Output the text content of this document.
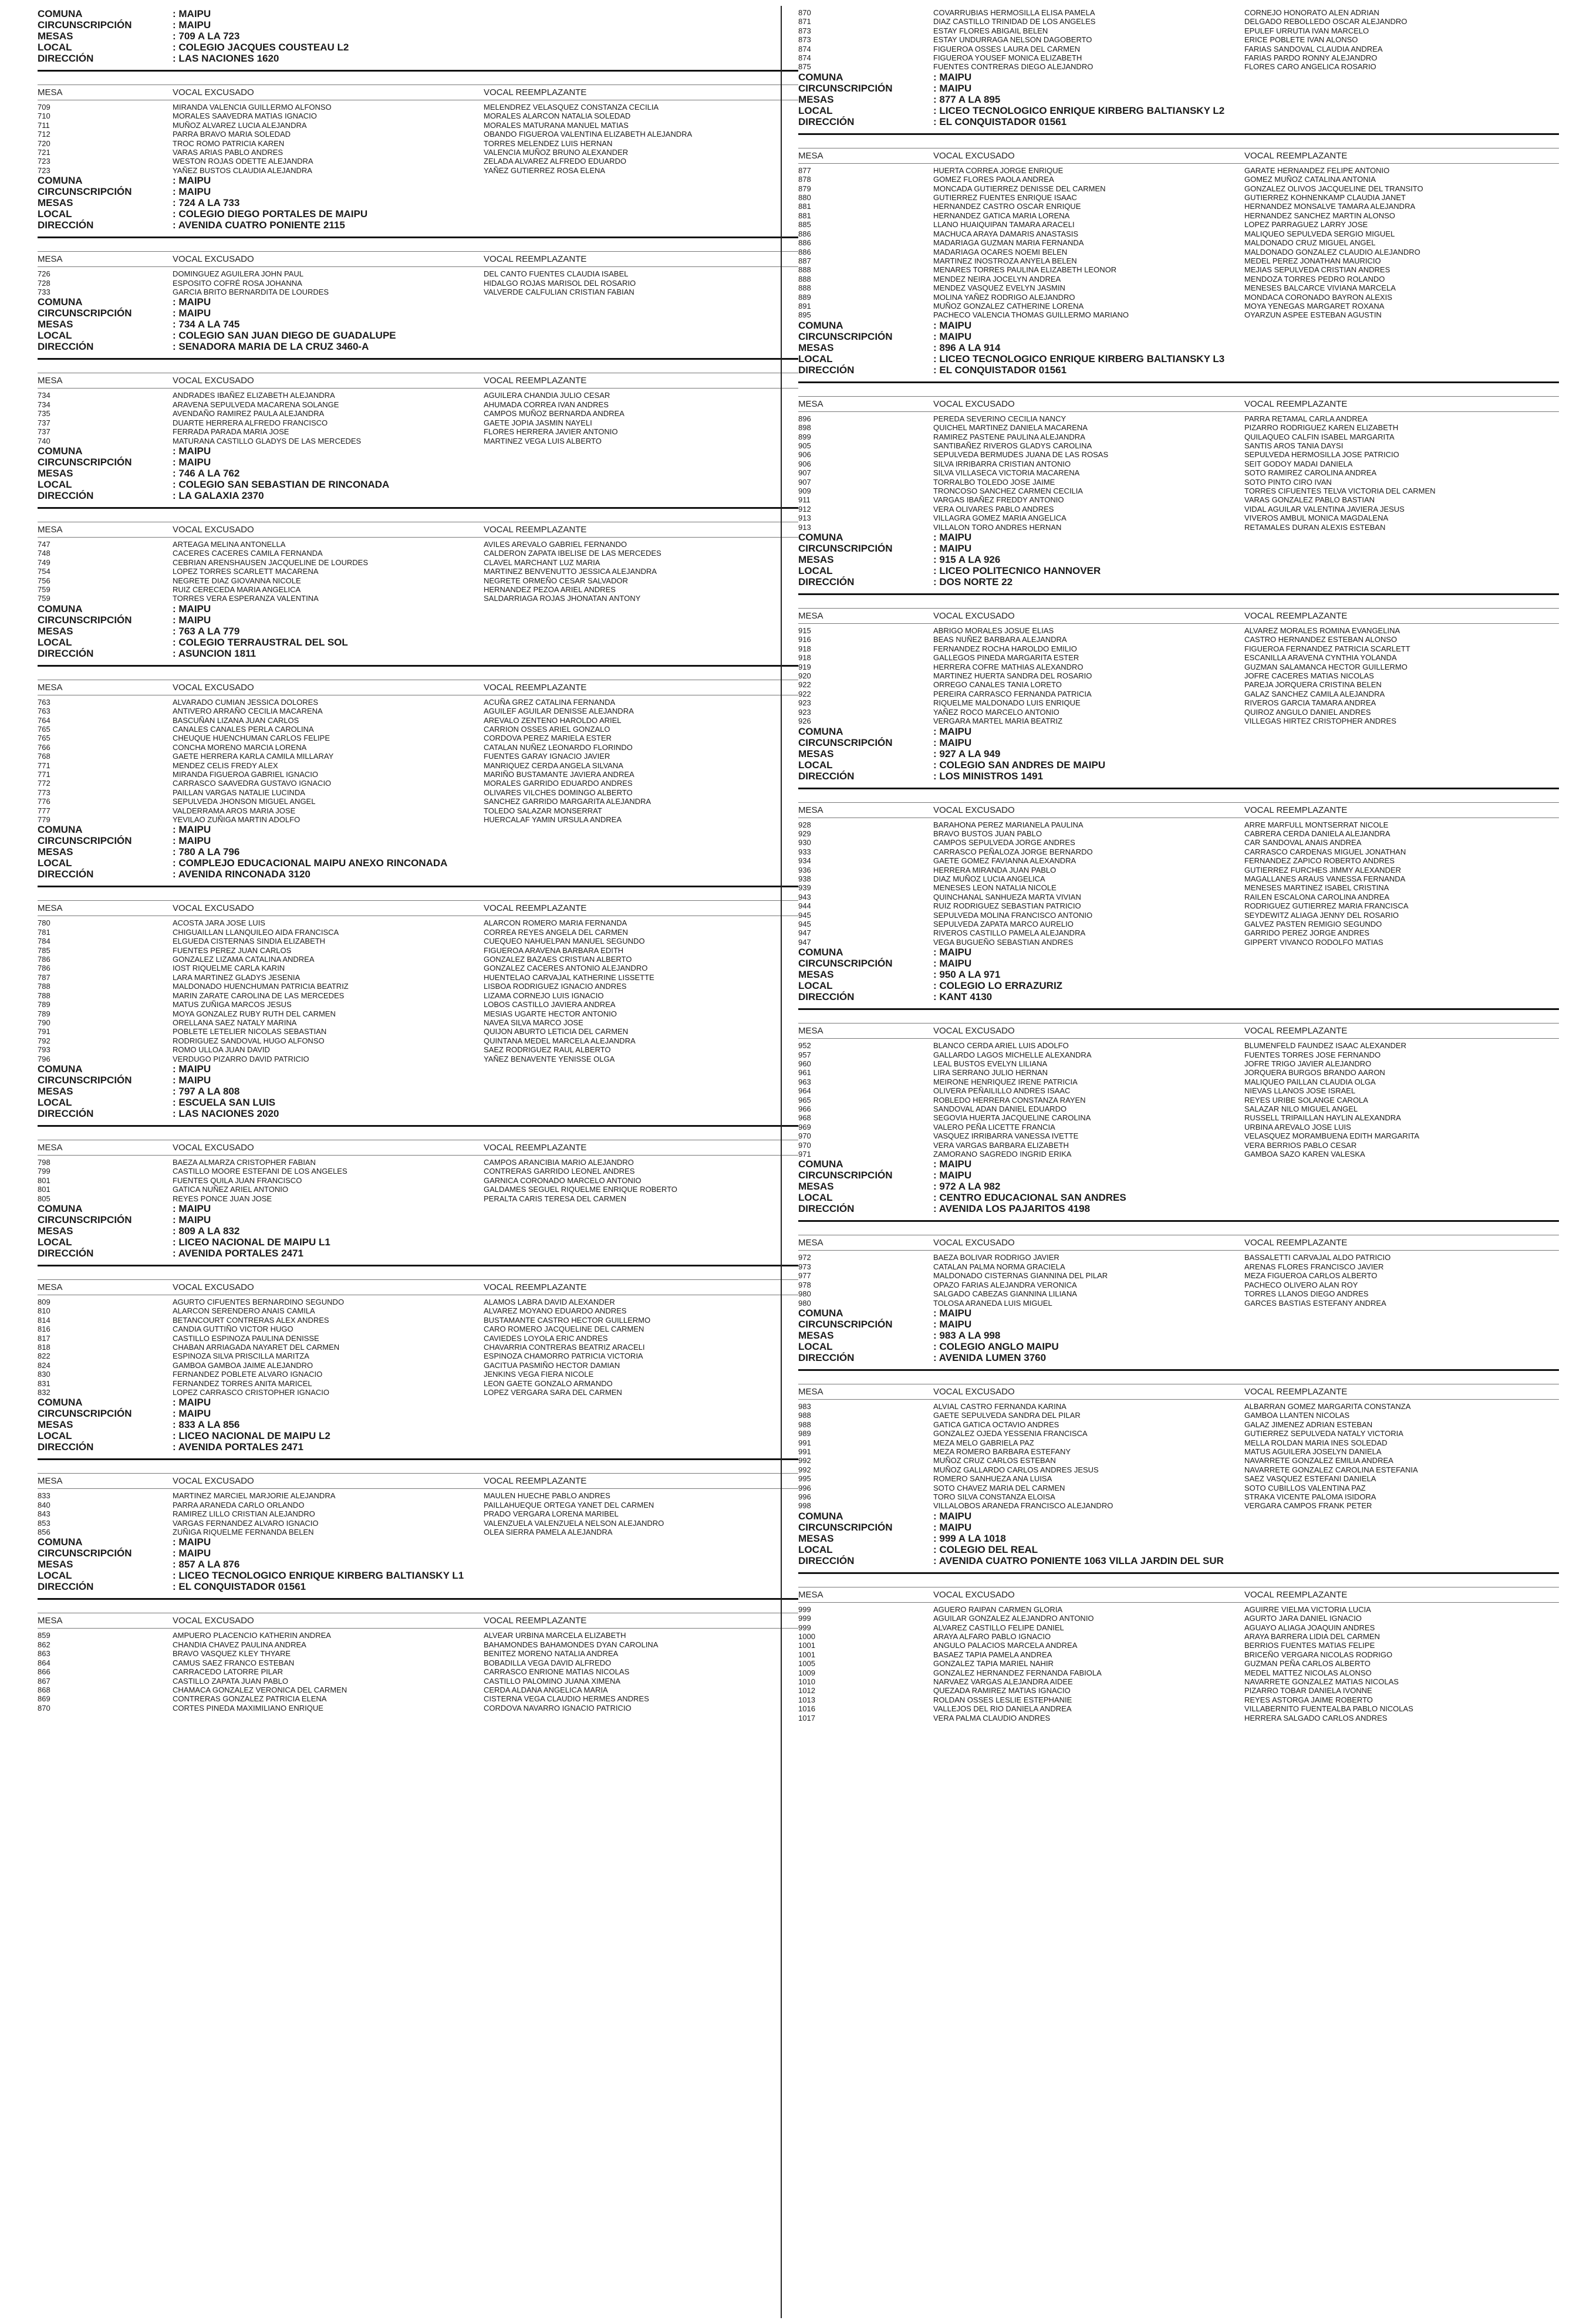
COMUNA	: MAIPU
CIRCUNSCRIPCIÓN	: MAIPU
MESAS	: 709 A LA 723
LOCAL	: COLEGIO JACQUES COUSTEAU L2
DIRECCIÓN	: LAS NACIONES 1620
MESA	VOCAL EXCUSADO	VOCAL REEMPLAZANTE
709	MIRANDA VALENCIA GUILLERMO ALFONSO	MELENDREZ VELASQUEZ CONSTANZA CECILIA
710	MORALES SAAVEDRA MATIAS IGNACIO	MORALES ALARCON NATALIA SOLEDAD
711	MUÑOZ ALVAREZ LUCIA ALEJANDRA	MORALES MATURANA MANUEL MATIAS
712	PARRA BRAVO MARIA SOLEDAD	OBANDO FIGUEROA VALENTINA ELIZABETH ALEJANDRA
720	TROC ROMO PATRICIA KAREN	TORRES MELENDEZ LUIS HERNAN
721	VARAS ARIAS PABLO ANDRES	VALENCIA MUÑOZ BRUNO ALEXANDER
723	WESTON ROJAS ODETTE ALEJANDRA	ZELADA ALVAREZ ALFREDO EDUARDO
723	YAÑEZ BUSTOS CLAUDIA ALEJANDRA	YAÑEZ GUTIERREZ ROSA ELENA
COMUNA	: MAIPU
CIRCUNSCRIPCIÓN	: MAIPU
MESAS	: 724 A LA 733
LOCAL	: COLEGIO DIEGO PORTALES DE MAIPU
DIRECCIÓN	: AVENIDA CUATRO PONIENTE 2115
MESA	VOCAL EXCUSADO	VOCAL REEMPLAZANTE
726	DOMINGUEZ AGUILERA JOHN PAUL	DEL CANTO FUENTES CLAUDIA ISABEL
728	ESPOSITO COFRÉ ROSA JOHANNA	HIDALGO ROJAS MARISOL DEL ROSARIO
733	GARCIA BRITO BERNARDITA DE LOURDES	VALVERDE CALFULIAN CRISTIAN FABIAN
COMUNA	: MAIPU
CIRCUNSCRIPCIÓN	: MAIPU
MESAS	: 734 A LA 745
LOCAL	: COLEGIO SAN JUAN DIEGO DE GUADALUPE
DIRECCIÓN	: SENADORA MARIA DE LA CRUZ 3460-A
MESA	VOCAL EXCUSADO	VOCAL REEMPLAZANTE
734	ANDRADES IBAÑEZ ELIZABETH ALEJANDRA	AGUILERA CHANDIA JULIO CESAR
734	ARAVENA SEPULVEDA MACARENA SOLANGE	AHUMADA CORREA IVAN ANDRES
735	AVENDAÑO RAMIREZ PAULA ALEJANDRA	CAMPOS MUÑOZ BERNARDA ANDREA
737	DUARTE HERRERA ALFREDO FRANCISCO	GAETE JOPIA JASMIN NAYELI
737	FERRADA PARADA MARIA JOSE	FLORES HERRERA JAVIER ANTONIO
740	MATURANA CASTILLO GLADYS DE LAS MERCEDES	MARTINEZ VEGA LUIS ALBERTO
COMUNA	: MAIPU
CIRCUNSCRIPCIÓN	: MAIPU
MESAS	: 746 A LA 762
LOCAL	: COLEGIO SAN SEBASTIAN DE RINCONADA
DIRECCIÓN	: LA GALAXIA 2370
MESA	VOCAL EXCUSADO	VOCAL REEMPLAZANTE
747	ARTEAGA MELINA ANTONELLA	AVILES AREVALO GABRIEL FERNANDO
748	CACERES CACERES CAMILA FERNANDA	CALDERON ZAPATA IBELISE DE LAS MERCEDES
749	CEBRIAN ARENSHAUSEN JACQUELINE DE LOURDES	CLAVEL MARCHANT LUZ MARIA
754	LOPEZ TORRES SCARLETT MACARENA	MARTINEZ BENVENUTTO JESSICA ALEJANDRA
756	NEGRETE DIAZ GIOVANNA NICOLE	NEGRETE ORMEÑO CESAR SALVADOR
759	RUIZ CERECEDA MARIA ANGELICA	HERNANDEZ PEZOA ARIEL ANDRES
759	TORRES VERA ESPERANZA VALENTINA	SALDARRIAGA ROJAS JHONATAN ANTONY
COMUNA	: MAIPU
CIRCUNSCRIPCIÓN	: MAIPU
MESAS	: 763 A LA 779
LOCAL	: COLEGIO TERRAUSTRAL DEL SOL
DIRECCIÓN	: ASUNCION 1811
MESA	VOCAL EXCUSADO	VOCAL REEMPLAZANTE
763	ALVARADO CUMIAN JESSICA DOLORES	ACUÑA GREZ CATALINA FERNANDA
763	ANTIVERO ARRAÑO CECILIA MACARENA	AGUILEF AGUILAR DENISSE ALEJANDRA
764	BASCUÑAN LIZANA JUAN CARLOS	AREVALO ZENTENO HAROLDO ARIEL
765	CANALES CANALES PERLA CAROLINA	CARRION OSSES ARIEL GONZALO
765	CHEUQUE HUENCHUMAN CARLOS FELIPE	CORDOVA PEREZ MARIELA ESTER
766	CONCHA MORENO MARCIA LORENA	CATALAN NUÑEZ LEONARDO FLORINDO
768	GAETE HERRERA KARLA CAMILA MILLARAY	FUENTES GARAY IGNACIO JAVIER
771	MENDEZ CELIS FREDY ALEX	MANRIQUEZ CERDA ANGELA SILVANA
771	MIRANDA FIGUEROA GABRIEL IGNACIO	MARIÑO BUSTAMANTE JAVIERA ANDREA
772	CARRASCO SAAVEDRA GUSTAVO IGNACIO	MORALES GARRIDO EDUARDO ANDRES
773	PAILLAN VARGAS NATALIE LUCINDA	OLIVARES VILCHES DOMINGO ALBERTO
776	SEPULVEDA JHONSON MIGUEL ANGEL	SANCHEZ GARRIDO MARGARITA ALEJANDRA
777	VALDERRAMA AROS MARIA JOSE	TOLEDO SALAZAR MONSERRAT
779	YEVILAO ZUÑIGA MARTIN ADOLFO	HUERCALAF YAMIN URSULA ANDREA
COMUNA	: MAIPU
CIRCUNSCRIPCIÓN	: MAIPU
MESAS	: 780 A LA 796
LOCAL	: COMPLEJO EDUCACIONAL MAIPU ANEXO RINCONADA
DIRECCIÓN	: AVENIDA RINCONADA 3120
MESA	VOCAL EXCUSADO	VOCAL REEMPLAZANTE
780	ACOSTA JARA JOSE LUIS	ALARCON ROMERO MARIA FERNANDA
781	CHIGUAILLAN LLANQUILEO AIDA FRANCISCA	CORREA REYES ANGELA DEL CARMEN
784	ELGUEDA CISTERNAS SINDIA ELIZABETH	CUEQUEO NAHUELPAN MANUEL SEGUNDO
785	FUENTES PEREZ JUAN CARLOS	FIGUEROA ARAVENA BARBARA EDITH
786	GONZALEZ LIZAMA CATALINA ANDREA	GONZALEZ BAZAES CRISTIAN ALBERTO
786	IOST RIQUELME CARLA KARIN	GONZALEZ CACERES ANTONIO ALEJANDRO
787	LARA MARTINEZ GLADYS JESENIA	HUENTELAO CARVAJAL KATHERINE LISSETTE
788	MALDONADO HUENCHUMAN PATRICIA BEATRIZ	LISBOA RODRIGUEZ IGNACIO ANDRES
788	MARIN ZARATE CAROLINA DE LAS MERCEDES	LIZAMA CORNEJO LUIS IGNACIO
789	MATUS ZUÑIGA MARCOS JESUS	LOBOS CASTILLO JAVIERA ANDREA
789	MOYA GONZALEZ RUBY RUTH DEL CARMEN	MESIAS UGARTE HECTOR ANTONIO
790	ORELLANA SAEZ NATALY MARINA	NAVEA SILVA MARCO JOSE
791	POBLETE LETELIER NICOLAS SEBASTIAN	QUIJON ABURTO LETICIA DEL CARMEN
792	RODRIGUEZ SANDOVAL HUGO ALFONSO	QUINTANA MEDEL MARCELA ALEJANDRA
793	ROMO ULLOA JUAN DAVID	SAEZ RODRIGUEZ RAUL ALBERTO
796	VERDUGO PIZARRO DAVID PATRICIO	YAÑEZ BENAVENTE YENISSE OLGA
COMUNA	: MAIPU
CIRCUNSCRIPCIÓN	: MAIPU
MESAS	: 797 A LA 808
LOCAL	: ESCUELA SAN LUIS
DIRECCIÓN	: LAS NACIONES 2020
MESA	VOCAL EXCUSADO	VOCAL REEMPLAZANTE
798	BAEZA ALMARZA CRISTOPHER FABIAN	CAMPOS ARANCIBIA MARIO ALEJANDRO
799	CASTILLO MOORE ESTEFANI DE LOS ANGELES	CONTRERAS GARRIDO LEONEL ANDRES
801	FUENTES QUILA JUAN FRANCISCO	GARNICA CORONADO MARCELO ANTONIO
801	GATICA NUÑEZ ARIEL ANTONIO	GALDAMES SEGUEL RIQUELME ENRIQUE ROBERTO
805	REYES PONCE JUAN JOSE	PERALTA CARIS TERESA DEL CARMEN
COMUNA	: MAIPU
CIRCUNSCRIPCIÓN	: MAIPU
MESAS	: 809 A LA 832
LOCAL	: LICEO NACIONAL DE MAIPU L1
DIRECCIÓN	: AVENIDA PORTALES 2471
MESA	VOCAL EXCUSADO	VOCAL REEMPLAZANTE
809	AGURTO CIFUENTES BERNARDINO SEGUNDO	ALAMOS LABRA DAVID ALEXANDER
810	ALARCON SERENDERO ANAIS CAMILA	ALVAREZ MOYANO EDUARDO ANDRES
814	BETANCOURT CONTRERAS ALEX ANDRES	BUSTAMANTE CASTRO HECTOR GUILLERMO
816	CANDIA GUTTIÑO VICTOR HUGO	CARO ROMERO JACQUELINE DEL CARMEN
817	CASTILLO ESPINOZA PAULINA DENISSE	CAVIEDES LOYOLA ERIC ANDRES
818	CHABAN ARRIAGADA NAYARET DEL CARMEN	CHAVARRIA CONTRERAS BEATRIZ ARACELI
822	ESPINOZA SILVA PRISCILLA MARITZA	ESPINOZA CHAMORRO PATRICIA VICTORIA
824	GAMBOA GAMBOA JAIME ALEJANDRO	GACITUA PASMIÑO HECTOR DAMIAN
830	FERNANDEZ POBLETE ALVARO IGNACIO	JENKINS VEGA FIERA NICOLE
831	FERNANDEZ TORRES ANITA MARICEL	LEON GAETE GONZALO ARMANDO
832	LOPEZ CARRASCO CRISTOPHER IGNACIO	LOPEZ VERGARA SARA DEL CARMEN
COMUNA	: MAIPU
CIRCUNSCRIPCIÓN	: MAIPU
MESAS	: 833 A LA 856
LOCAL	: LICEO NACIONAL DE MAIPU L2
DIRECCIÓN	: AVENIDA PORTALES 2471
MESA	VOCAL EXCUSADO	VOCAL REEMPLAZANTE
833	MARTINEZ MARCIEL MARJORIE ALEJANDRA	MAULEN HUECHE PABLO ANDRES
840	PARRA ARANEDA CARLO ORLANDO	PAILLAHUEQUE ORTEGA YANET DEL CARMEN
843	RAMIREZ LILLO CRISTIAN ALEJANDRO	PRADO VERGARA LORENA MARIBEL
853	VARGAS FERNANDEZ ALVARO IGNACIO	VALENZUELA VALENZUELA NELSON ALEJANDRO
856	ZUÑIGA RIQUELME FERNANDA BELEN	OLEA SIERRA PAMELA ALEJANDRA
COMUNA	: MAIPU
CIRCUNSCRIPCIÓN	: MAIPU
MESAS	: 857 A LA 876
LOCAL	: LICEO TECNOLOGICO ENRIQUE KIRBERG BALTIANSKY L1
DIRECCIÓN	: EL CONQUISTADOR 01561
MESA	VOCAL EXCUSADO	VOCAL REEMPLAZANTE
859	AMPUERO PLACENCIO KATHERIN ANDREA	ALVEAR URBINA MARCELA ELIZABETH
862	CHANDIA CHAVEZ PAULINA ANDREA	BAHAMONDES BAHAMONDES DYAN CAROLINA
863	BRAVO VASQUEZ KLEY THYARE	BENITEZ MORENO NATALIA ANDREA
864	CAMUS SAEZ FRANCO ESTEBAN	BOBADILLA VEGA DAVID ALFREDO
866	CARRACEDO LATORRE PILAR	CARRASCO ENRIONE MATIAS NICOLAS
867	CASTILLO ZAPATA JUAN PABLO	CASTILLO PALOMINO JUANA XIMENA
868	CHAMACA GONZALEZ VERONICA DEL CARMEN	CERDA ALDANA ANGELICA MARIA
869	CONTRERAS GONZALEZ PATRICIA ELENA	CISTERNA VEGA CLAUDIO HERMES ANDRES
870	CORTES PINEDA MAXIMILIANO ENRIQUE	CORDOVA NAVARRO IGNACIO PATRICIO
870	COVARRUBIAS HERMOSILLA ELISA PAMELA	CORNEJO HONORATO ALEN ADRIAN
871	DIAZ CASTILLO TRINIDAD DE LOS ANGELES	DELGADO REBOLLEDO OSCAR ALEJANDRO
873	ESTAY FLORES ABIGAIL BELEN	EPULEF URRUTIA IVAN MARCELO
873	ESTAY UNDURRAGA NELSON DAGOBERTO	ERICE POBLETE IVAN ALONSO
874	FIGUEROA OSSES LAURA DEL CARMEN	FARIAS SANDOVAL CLAUDIA ANDREA
874	FIGUEROA YOUSEF MONICA ELIZABETH	FARIAS PARDO RONNY ALEJANDRO
875	FUENTES CONTRERAS DIEGO ALEJANDRO	FLORES CARO ANGELICA ROSARIO
COMUNA	: MAIPU
CIRCUNSCRIPCIÓN	: MAIPU
MESAS	: 877 A LA 895
LOCAL	: LICEO TECNOLOGICO ENRIQUE KIRBERG BALTIANSKY L2
DIRECCIÓN	: EL CONQUISTADOR 01561
MESA	VOCAL EXCUSADO	VOCAL REEMPLAZANTE
877	HUERTA CORREA JORGE ENRIQUE	GARATE HERNANDEZ FELIPE ANTONIO
878	GOMEZ FLORES PAOLA ANDREA	GOMEZ MUÑOZ CATALINA ANTONIA
879	MONCADA GUTIERREZ DENISSE DEL CARMEN	GONZALEZ OLIVOS JACQUELINE DEL TRANSITO
880	GUTIERREZ FUENTES ENRIQUE ISAAC	GUTIERREZ KOHNENKAMP CLAUDIA JANET
881	HERNANDEZ CASTRO OSCAR ENRIQUE	HERNANDEZ MONSALVE TAMARA ALEJANDRA
881	HERNANDEZ GATICA MARIA LORENA	HERNANDEZ SANCHEZ MARTIN ALONSO
885	LLANO HUAIQUIPAN TAMARA ARACELI	LOPEZ PARRAGUEZ LARRY JOSE
886	MACHUCA ARAYA DAMARIS ANASTASIS	MALIQUEO SEPULVEDA SERGIO MIGUEL
886	MADARIAGA GUZMAN MARIA FERNANDA	MALDONADO CRUZ MIGUEL ANGEL
886	MADARIAGA OCARES NOEMI BELEN	MALDONADO GONZALEZ CLAUDIO ALEJANDRO
887	MARTINEZ INOSTROZA ANYELA BELEN	MEDEL PEREZ JONATHAN MAURICIO
888	MENARES TORRES PAULINA ELIZABETH LEONOR	MEJIAS SEPULVEDA CRISTIAN ANDRES
888	MENDEZ NEIRA JOCELYN ANDREA	MENDOZA TORRES PEDRO ROLANDO
888	MENDEZ VASQUEZ EVELYN JASMIN	MENESES BALCARCE VIVIANA MARCELA
889	MOLINA YAÑEZ RODRIGO ALEJANDRO	MONDACA CORONADO BAYRON ALEXIS
891	MUÑOZ GONZALEZ CATHERINE LORENA	MOYA YENEGAS MARGARET ROXANA
895	PACHECO VALENCIA THOMAS GUILLERMO MARIANO	OYARZUN ASPEE ESTEBAN AGUSTIN
COMUNA	: MAIPU
CIRCUNSCRIPCIÓN	: MAIPU
MESAS	: 896 A LA 914
LOCAL	: LICEO TECNOLOGICO ENRIQUE KIRBERG BALTIANSKY L3
DIRECCIÓN	: EL CONQUISTADOR 01561
MESA	VOCAL EXCUSADO	VOCAL REEMPLAZANTE
896	PEREDA SEVERINO CECILIA NANCY	PARRA RETAMAL CARLA ANDREA
898	QUICHEL MARTINEZ DANIELA MACARENA	PIZARRO RODRIGUEZ KAREN ELIZABETH
899	RAMIREZ PASTENE PAULINA ALEJANDRA	QUILAQUEO CALFIN ISABEL MARGARITA
905	SANTIBAÑEZ RIVEROS GLADYS CAROLINA	SANTIS AROS TANIA DAYSI
906	SEPULVEDA BERMUDES JUANA DE LAS ROSAS	SEPULVEDA HERMOSILLA JOSE PATRICIO
906	SILVA IRRIBARRA CRISTIAN ANTONIO	SEIT GODOY MADAI DANIELA
907	SILVA VILLASECA VICTORIA MACARENA	SOTO RAMIREZ CAROLINA ANDREA
907	TORRALBO TOLEDO JOSE JAIME	SOTO PINTO CIRO IVAN
909	TRONCOSO SANCHEZ CARMEN CECILIA	TORRES CIFUENTES TELVA VICTORIA DEL CARMEN
911	VARGAS IBAÑEZ FREDDY ANTONIO	VARAS GONZALEZ PABLO BASTIAN
912	VERA OLIVARES PABLO ANDRES	VIDAL AGUILAR VALENTINA JAVIERA JESUS
913	VILLAGRA GOMEZ MARIA ANGELICA	VIVEROS AMBUL MONICA MAGDALENA
913	VILLALON TORO ANDRES HERNAN	RETAMALES DURAN ALEXIS ESTEBAN
COMUNA	: MAIPU
CIRCUNSCRIPCIÓN	: MAIPU
MESAS	: 915 A LA 926
LOCAL	: LICEO POLITECNICO HANNOVER
DIRECCIÓN	: DOS NORTE 22
MESA	VOCAL EXCUSADO	VOCAL REEMPLAZANTE
915	ABRIGO MORALES JOSUE ELIAS	ALVAREZ MORALES ROMINA EVANGELINA
916	BEAS NUÑEZ BARBARA ALEJANDRA	CASTRO HERNANDEZ ESTEBAN ALONSO
918	FERNANDEZ ROCHA HAROLDO EMILIO	FIGUEROA FERNANDEZ PATRICIA SCARLETT
918	GALLEGOS PINEDA MARGARITA ESTER	ESCANILLA ARAVENA CYNTHIA YOLANDA
919	HERRERA COFRE MATHIAS ALEXANDRO	GUZMAN SALAMANCA HECTOR GUILLERMO
920	MARTINEZ HUERTA SANDRA DEL ROSARIO	JOFRE CACERES MATIAS NICOLAS
922	ORREGO CANALES TANIA LORETO	PAREJA JORQUERA CRISTINA BELEN
922	PEREIRA CARRASCO FERNANDA PATRICIA	GALAZ SANCHEZ CAMILA ALEJANDRA
923	RIQUELME MALDONADO LUIS ENRIQUE	RIVEROS GARCIA TAMARA ANDREA
923	YAÑEZ ROCO MARCELO ANTONIO	QUIROZ ANGULO DANIEL ANDRES
926	VERGARA MARTEL MARIA BEATRIZ	VILLEGAS HIRTEZ CRISTOPHER ANDRES
COMUNA	: MAIPU
CIRCUNSCRIPCIÓN	: MAIPU
MESAS	: 927 A LA 949
LOCAL	: COLEGIO SAN ANDRES DE MAIPU
DIRECCIÓN	: LOS MINISTROS 1491
MESA	VOCAL EXCUSADO	VOCAL REEMPLAZANTE
928	BARAHONA PEREZ MARIANELA PAULINA	ARRE MARFULL MONTSERRAT NICOLE
929	BRAVO BUSTOS JUAN PABLO	CABRERA CERDA DANIELA ALEJANDRA
930	CAMPOS SEPULVEDA JORGE ANDRES	CAR SANDOVAL ANAIS ANDREA
933	CARRASCO PEÑALOZA JORGE BERNARDO	CARRASCO CARDENAS MIGUEL JONATHAN
934	GAETE GOMEZ FAVIANNA ALEXANDRA	FERNANDEZ ZAPICO ROBERTO ANDRES
936	HERRERA MIRANDA JUAN PABLO	GUTIERREZ FURCHES JIMMY ALEXANDER
938	DIAZ MUÑOZ LUCIA ANGELICA	MAGALLANES ARAUS VANESSA FERNANDA
939	MENESES LEON NATALIA NICOLE	MENESES MARTINEZ ISABEL CRISTINA
943	QUINCHANAL SANHUEZA MARTA VIVIAN	RAILEN ESCALONA CAROLINA ANDREA
944	RUIZ RODRIGUEZ SEBASTIAN PATRICIO	RODRIGUEZ GUTIERREZ MARIA FRANCISCA
945	SEPULVEDA MOLINA FRANCISCO ANTONIO	SEYDEWITZ ALIAGA JENNY DEL ROSARIO
945	SEPULVEDA ZAPATA MARCO AURELIO	GALVEZ PASTEN REMIGIO SEGUNDO
947	RIVEROS CASTILLO PAMELA ALEJANDRA	GARRIDO PEREZ JORGE ANDRES
947	VEGA BUGUEÑO SEBASTIAN ANDRES	GIPPERT VIVANCO RODOLFO MATIAS
COMUNA	: MAIPU
CIRCUNSCRIPCIÓN	: MAIPU
MESAS	: 950 A LA 971
LOCAL	: COLEGIO LO ERRAZURIZ
DIRECCIÓN	: KANT 4130
MESA	VOCAL EXCUSADO	VOCAL REEMPLAZANTE
952	BLANCO CERDA ARIEL LUIS ADOLFO	BLUMENFELD FAUNDEZ ISAAC ALEXANDER
957	GALLARDO LAGOS MICHELLE ALEXANDRA	FUENTES TORRES JOSE FERNANDO
960	LEAL BUSTOS EVELYN LILIANA	JOFRE TRIGO JAVIER ALEJANDRO
961	LIRA SERRANO JULIO HERNAN	JORQUERA BURGOS BRANDO AARON
963	MEIRONE HENRIQUEZ IRENE PATRICIA	MALIQUEO PAILLAN CLAUDIA OLGA
964	OLIVERA PEÑAILILLO ANDRES ISAAC	NIEVAS LLANOS JOSE ISRAEL
965	ROBLEDO HERRERA CONSTANZA RAYEN	REYES URIBE SOLANGE CAROLA
966	SANDOVAL ADAN DANIEL EDUARDO	SALAZAR NILO MIGUEL ANGEL
968	SEGOVIA HUERTA JACQUELINE CAROLINA	RUSSELL TRIPAILLAN HAYLIN ALEXANDRA
969	VALERO PEÑA LICETTE FRANCIA	URBINA AREVALO JOSE LUIS
970	VASQUEZ IRRIBARRA VANESSA IVETTE	VELASQUEZ MORAMBUENA EDITH MARGARITA
970	VERA VARGAS BARBARA ELIZABETH	VERA BERRIOS PABLO CESAR
971	ZAMORANO SAGREDO INGRID ERIKA	GAMBOA SAZO KAREN VALESKA
COMUNA	: MAIPU
CIRCUNSCRIPCIÓN	: MAIPU
MESAS	: 972 A LA 982
LOCAL	: CENTRO EDUCACIONAL SAN ANDRES
DIRECCIÓN	: AVENIDA LOS PAJARITOS 4198
MESA	VOCAL EXCUSADO	VOCAL REEMPLAZANTE
972	BAEZA BOLIVAR RODRIGO JAVIER	BASSALETTI CARVAJAL ALDO PATRICIO
973	CATALAN PALMA NORMA GRACIELA	ARENAS FLORES FRANCISCO JAVIER
977	MALDONADO CISTERNAS GIANNINA DEL PILAR	MEZA FIGUEROA CARLOS ALBERTO
978	OPAZO FARIAS ALEJANDRA VERONICA	PACHECO OLIVERO ALAN ROY
980	SALGADO CABEZAS GIANNINA LILIANA	TORRES LLANOS DIEGO ANDRES
980	TOLOSA ARANEDA LUIS MIGUEL	GARCES BASTIAS ESTEFANY ANDREA
COMUNA	: MAIPU
CIRCUNSCRIPCIÓN	: MAIPU
MESAS	: 983 A LA 998
LOCAL	: COLEGIO ANGLO MAIPU
DIRECCIÓN	: AVENIDA LUMEN 3760
MESA	VOCAL EXCUSADO	VOCAL REEMPLAZANTE
983	ALVIAL CASTRO FERNANDA KARINA	ALBARRAN GOMEZ MARGARITA CONSTANZA
988	GAETE SEPULVEDA SANDRA DEL PILAR	GAMBOA LLANTEN NICOLAS
988	GATICA GATICA OCTAVIO ANDRES	GALAZ JIMENEZ ADRIAN ESTEBAN
989	GONZALEZ OJEDA YESSENIA FRANCISCA	GUTIERREZ SEPULVEDA NATALY VICTORIA
991	MEZA MELO GABRIELA PAZ	MELLA ROLDAN MARIA INES SOLEDAD
991	MEZA ROMERO BARBARA ESTEFANY	MATUS AGUILERA JOSELYN DANIELA
992	MUÑOZ CRUZ CARLOS ESTEBAN	NAVARRETE GONZALEZ EMILIA ANDREA
992	MUÑOZ GALLARDO CARLOS ANDRES JESUS	NAVARRETE GONZALEZ CAROLINA ESTEFANIA
995	ROMERO SANHUEZA ANA LUISA	SAEZ VASQUEZ ESTEFANI DANIELA
996	SOTO CHAVEZ MARIA DEL CARMEN	SOTO CUBILLOS VALENTINA PAZ
996	TORO SILVA CONSTANZA ELOISA	STRAKA VICENTE PALOMA ISIDORA
998	VILLALOBOS ARANEDA FRANCISCO ALEJANDRO	VERGARA CAMPOS FRANK PETER
COMUNA	: MAIPU
CIRCUNSCRIPCIÓN	: MAIPU
MESAS	: 999 A LA 1018
LOCAL	: COLEGIO DEL REAL
DIRECCIÓN	: AVENIDA CUATRO PONIENTE 1063 VILLA JARDIN DEL SUR
MESA	VOCAL EXCUSADO	VOCAL REEMPLAZANTE
999	AGUERO RAIPAN CARMEN GLORIA	AGUIRRE VIELMA VICTORIA LUCIA
999	AGUILAR GONZALEZ ALEJANDRO ANTONIO	AGURTO JARA DANIEL IGNACIO
999	ALVAREZ CASTILLO FELIPE DANIEL	AGUAYO ALIAGA JOAQUIN ANDRES
1000	ARAYA ALFARO PABLO IGNACIO	ARAYA BARRERA LIDIA DEL CARMEN
1001	ANGULO PALACIOS MARCELA ANDREA	BERRIOS FUENTES MATIAS FELIPE
1001	BASAEZ TAPIA PAMELA ANDREA	BRICEÑO VERGARA NICOLAS RODRIGO
1005	GONZALEZ TAPIA MARIEL NAHIR	GUZMAN PEÑA CARLOS ALBERTO
1009	GONZALEZ HERNANDEZ FERNANDA FABIOLA	MEDEL MATTEZ NICOLAS ALONSO
1010	NARVAEZ VARGAS ALEJANDRA AIDEE	NAVARRETE GONZALEZ MATIAS NICOLAS
1012	QUEZADA RAMIREZ MATIAS IGNACIO	PIZARRO TOBAR DANIELA IVONNE
1013	ROLDAN OSSES LESLIE ESTEPHANIE	REYES ASTORGA JAIME ROBERTO
1016	VALLEJOS DEL RIO DANIELA ANDREA	VILLABERNITO FUENTEALBA PABLO NICOLAS
1017	VERA PALMA CLAUDIO ANDRES	HERRERA SALGADO CARLOS ANDRES
